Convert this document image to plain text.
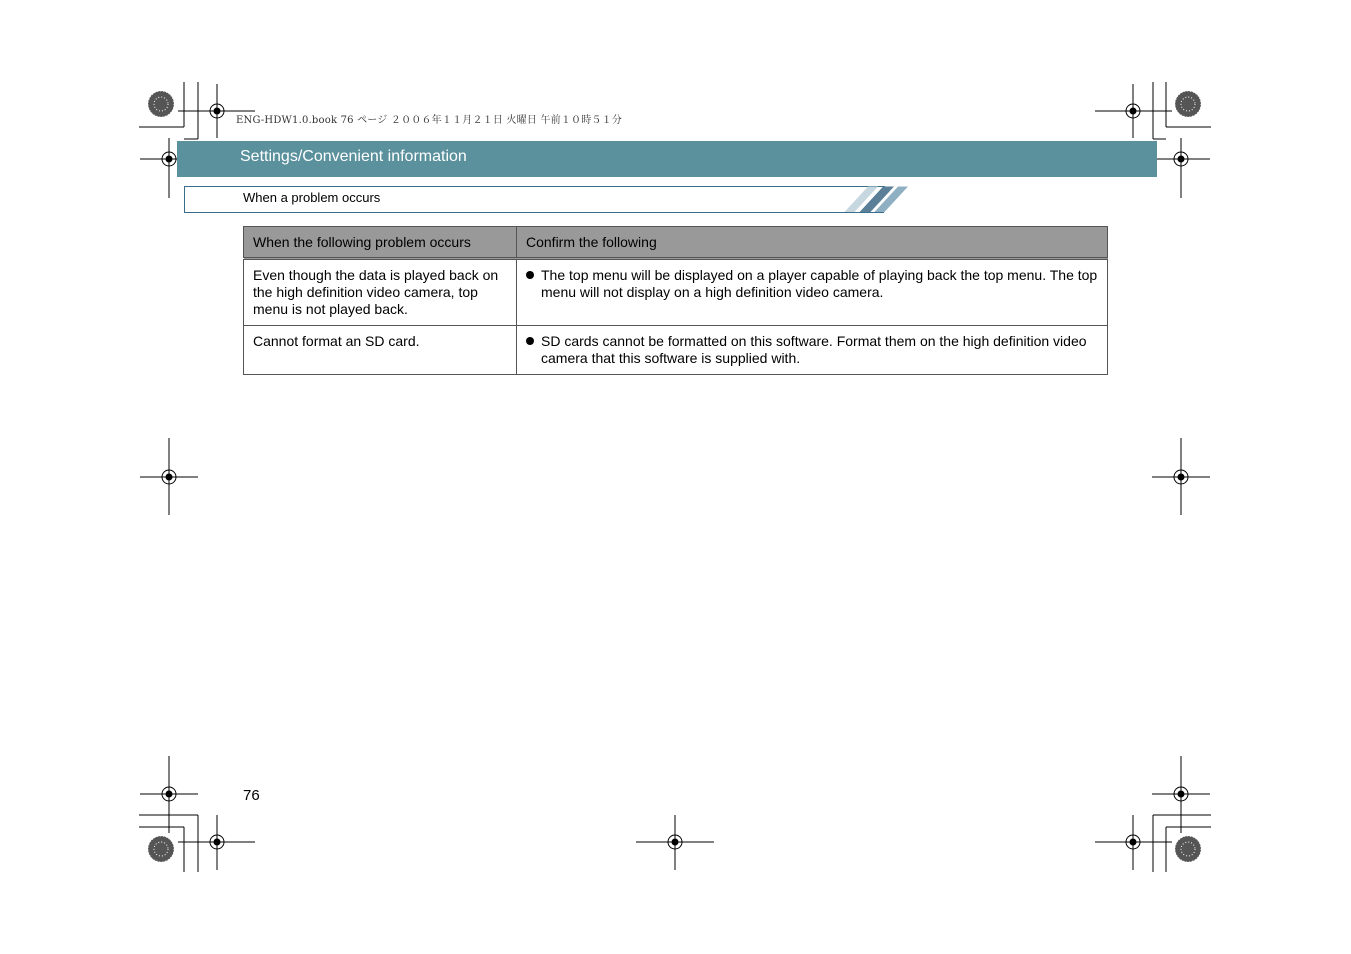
ENG-HDW1.0.book 76 ページ ２００６年１１月２１日 火曜日 午前１０時５１分
Settings/Convenient information
When a problem occurs
When the following problem occurs	Confirm the following
Even though the data is played back on the high definition video camera, top menu is not played back.	The top menu will be displayed on a player capable of playing back the top menu. The top menu will not display on a high definition video camera.

Cannot format an SD card.	SD cards cannot be formatted on this software. Format them on the high definition video camera that this software is supplied with.
76
